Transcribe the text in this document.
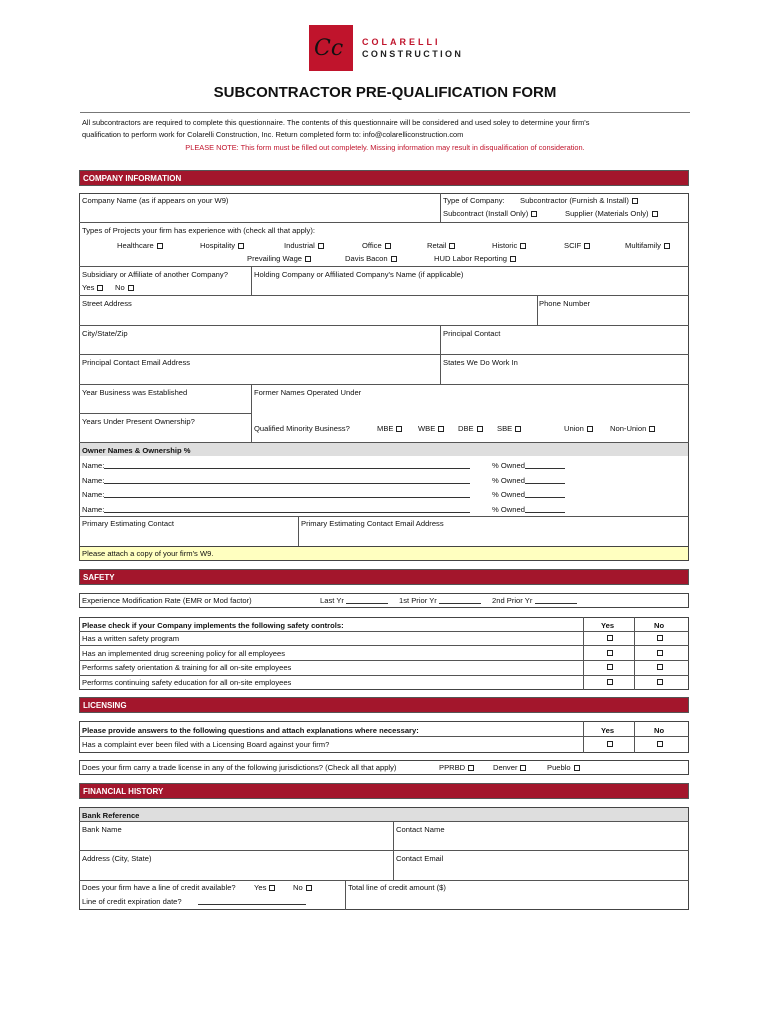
Cc COLARELLI
CONSTRUCTION
SUBCONTRACTOR PRE-QUALIFICATION FORM
All subcontractors are required to complete this questionnaire. The contents of this questionnaire will be considered and used soley to determine your firm's
qualification to perform work for Colarelli Construction, Inc. Return completed form to: info@colarelliconstruction.com
PLEASE NOTE: This form must be filled out completely. Missing information may result in disqualification of consideration.
COMPANY INFORMATION
Company Name (as if appears on your W9)	Type of Company: Subcontractor (Furnish & Install)
Subcontract (Install Only)	Supplier (Materials Only)
Types of Projects your firm has experience with (check all that apply):
Healthcare	Hospitality	Industrial	Office	Retail	Historic	SCIF	Multifamily
Prevailing Wage	Davis Bacon	HUD Labor Reporting
Subsidiary or Affiliate of another Company?
Yes	No
Holding Company or Affiliated Company's Name (if applicable)
Street Address	Phone Number
City/State/Zip	Principal Contact
Principal Contact Email Address	States We Do Work In
Year Business was Established	Former Names Operated Under
Years Under Present Ownership?
Qualified Minority Business?	MBE	WBE	DBE	SBE	Union	Non-Union
Owner Names & Ownership %
Name:	% Owned
Name:	% Owned
Name:	% Owned
Name:	% Owned
Primary Estimating Contact	Primary Estimating Contact Email Address
Please attach a copy of your firm's W9.
SAFETY
Experience Modification Rate (EMR or Mod factor)	Last Yr	1st Prior Yr	2nd Prior Yr
Please check if your Company implements the following safety controls:	Yes	No
Has a written safety program
Has an implemented drug screening policy for all employees
Performs safety orientation & training for all on-site employees
Performs continuing safety education for all on-site employees
LICENSING
Please provide answers to the following questions and attach explanations where necessary:	Yes	No
Has a complaint ever been filed with a Licensing Board against your firm?
Does your firm carry a trade license in any of the following jurisdictions? (Check all that apply)	PPRBD	Denver	Pueblo
FINANCIAL HISTORY
Bank Reference
Bank Name	Contact Name
Address (City, State)	Contact Email
Does your firm have a line of credit available? Yes	No	Total line of credit amount ($)
Line of credit expiration date?
